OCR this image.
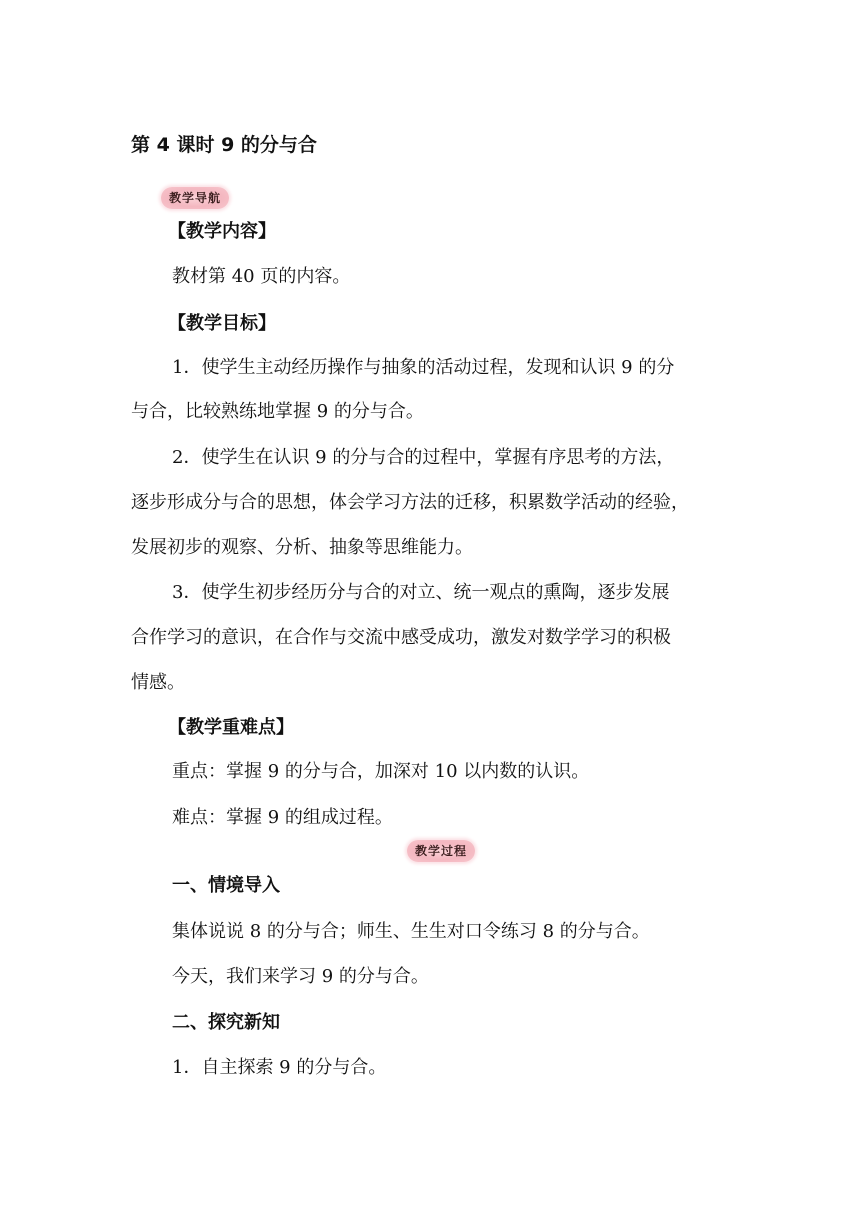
第 4 课时 9 的分与合
教学导航
【教学内容】
教材第 40 页的内容。
【教学目标】
1．使学生主动经历操作与抽象的活动过程，发现和认识 9 的分
与合，比较熟练地掌握 9 的分与合。
2．使学生在认识 9 的分与合的过程中，掌握有序思考的方法，
逐步形成分与合的思想，体会学习方法的迁移，积累数学活动的经验，
发展初步的观察、分析、抽象等思维能力。
3．使学生初步经历分与合的对立、统一观点的熏陶，逐步发展
合作学习的意识，在合作与交流中感受成功，激发对数学学习的积极
情感。
【教学重难点】
重点：掌握 9 的分与合，加深对 10 以内数的认识。
难点：掌握 9 的组成过程。
教学过程
一、情境导入
集体说说 8 的分与合；师生、生生对口令练习 8 的分与合。
今天，我们来学习 9 的分与合。
二、探究新知
1．自主探索 9 的分与合。
